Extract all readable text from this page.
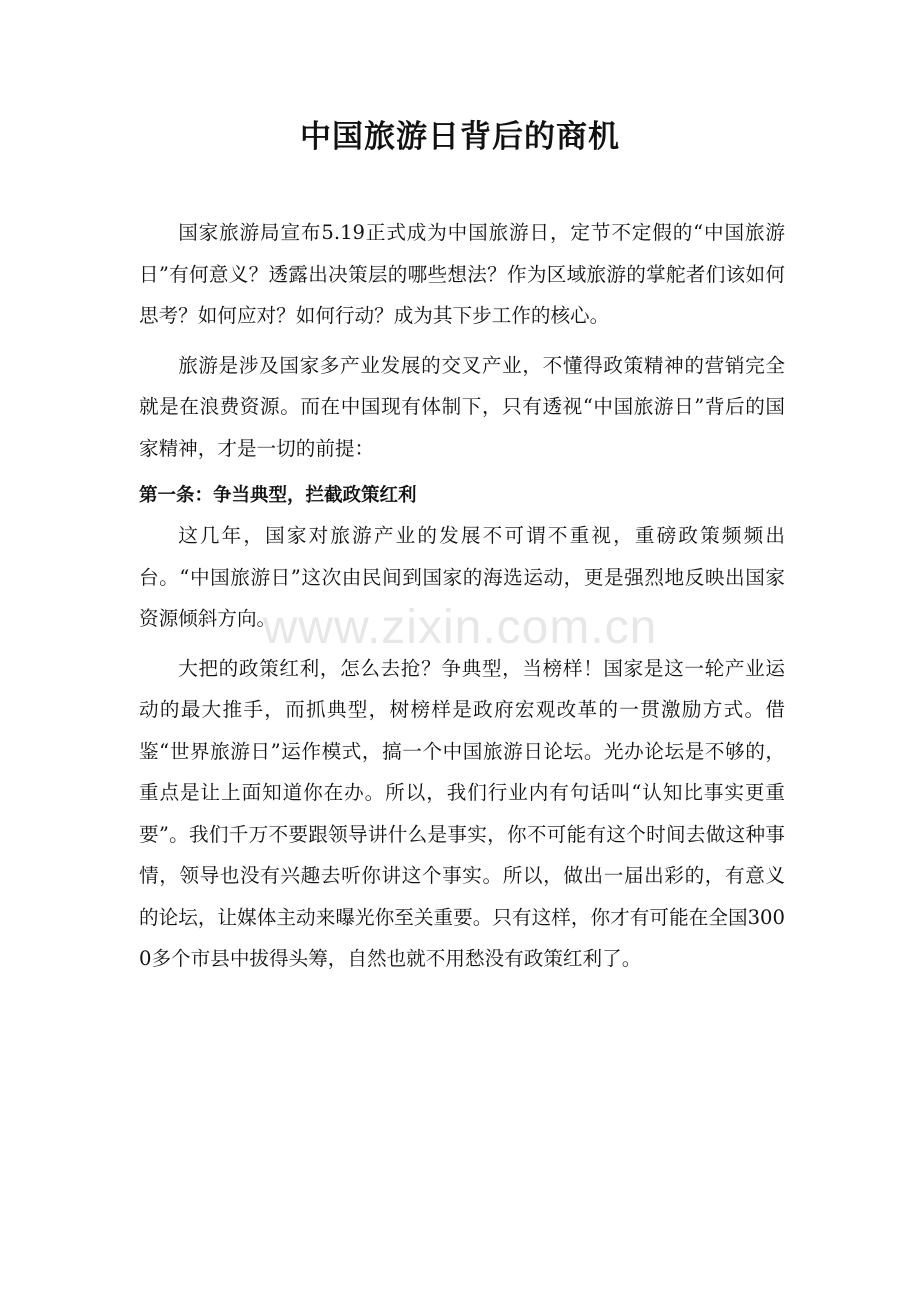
中国旅游日背后的商机

国家旅游局宣布5.19正式成为中国旅游日，定节不定假的“中国旅游日”有何意义？透露出决策层的哪些想法？作为区域旅游的掌舵者们该如何思考？如何应对？如何行动？成为其下步工作的核心。

旅游是涉及国家多产业发展的交叉产业，不懂得政策精神的营销完全就是在浪费资源。而在中国现有体制下，只有透视“中国旅游日”背后的国家精神，才是一切的前提：

第一条：争当典型，拦截政策红利

这几年，国家对旅游产业的发展不可谓不重视，重磅政策频频出台。“中国旅游日”这次由民间到国家的海选运动，更是强烈地反映出国家资源倾斜方向。

大把的政策红利，怎么去抢？争典型，当榜样！国家是这一轮产业运动的最大推手，而抓典型，树榜样是政府宏观改革的一贯激励方式。借鉴“世界旅游日”运作模式，搞一个中国旅游日论坛。光办论坛是不够的，重点是让上面知道你在办。所以，我们行业内有句话叫“认知比事实更重要”。我们千万不要跟领导讲什么是事实，你不可能有这个时间去做这种事情，领导也没有兴趣去听你讲这个事实。所以，做出一届出彩的，有意义的论坛，让媒体主动来曝光你至关重要。只有这样，你才有可能在全国3000多个市县中拔得头筹，自然也就不用愁没有政策红利了。

www.zixin.com.cn
